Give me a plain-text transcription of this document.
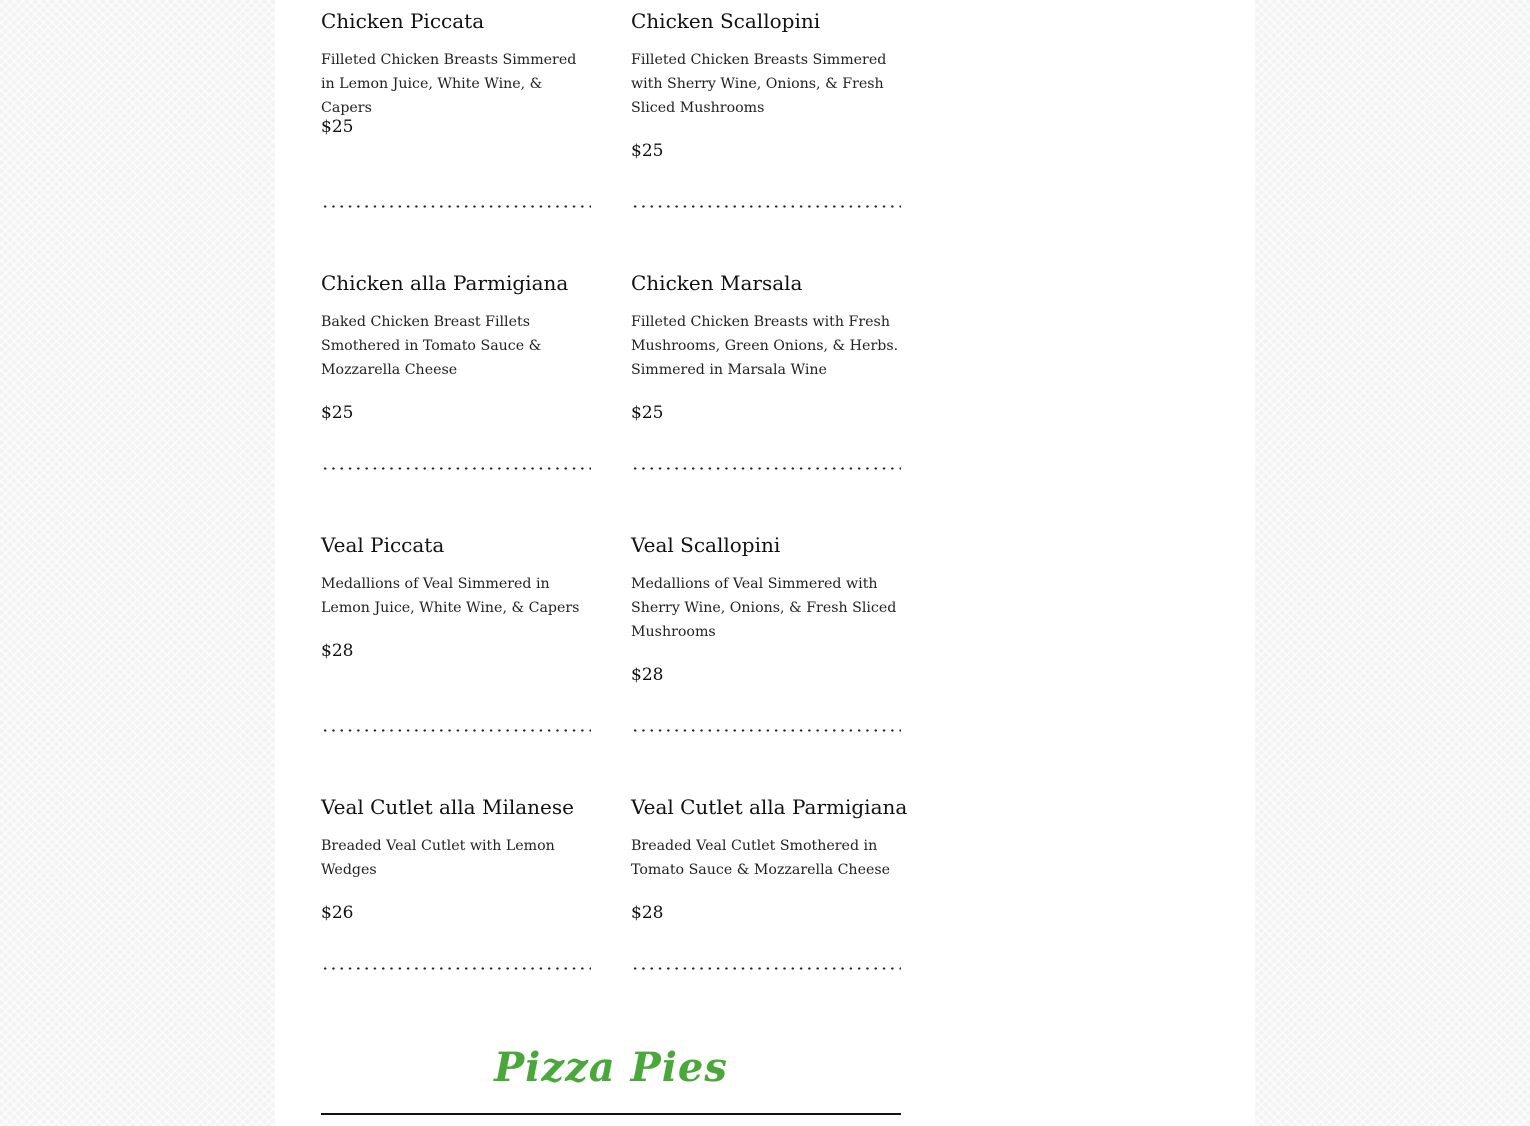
Chicken Piccata
Filleted Chicken Breasts Simmered in Lemon Juice, White Wine, & Capers
$25
Chicken Scallopini
Filleted Chicken Breasts Simmered with Sherry Wine, Onions, & Fresh Sliced Mushrooms
$25
Chicken alla Parmigiana
Baked Chicken Breast Fillets Smothered in Tomato Sauce & Mozzarella Cheese
$25
Chicken Marsala
Filleted Chicken Breasts with Fresh Mushrooms, Green Onions, & Herbs. Simmered in Marsala Wine
$25
Veal Piccata
Medallions of Veal Simmered in Lemon Juice, White Wine, & Capers
$28
Veal Scallopini
Medallions of Veal Simmered with Sherry Wine, Onions, & Fresh Sliced Mushrooms
$28
Veal Cutlet alla Milanese
Breaded Veal Cutlet with Lemon Wedges
$26
Veal Cutlet alla Parmigiana
Breaded Veal Cutlet Smothered in Tomato Sauce & Mozzarella Cheese
$28
Pizza Pies
